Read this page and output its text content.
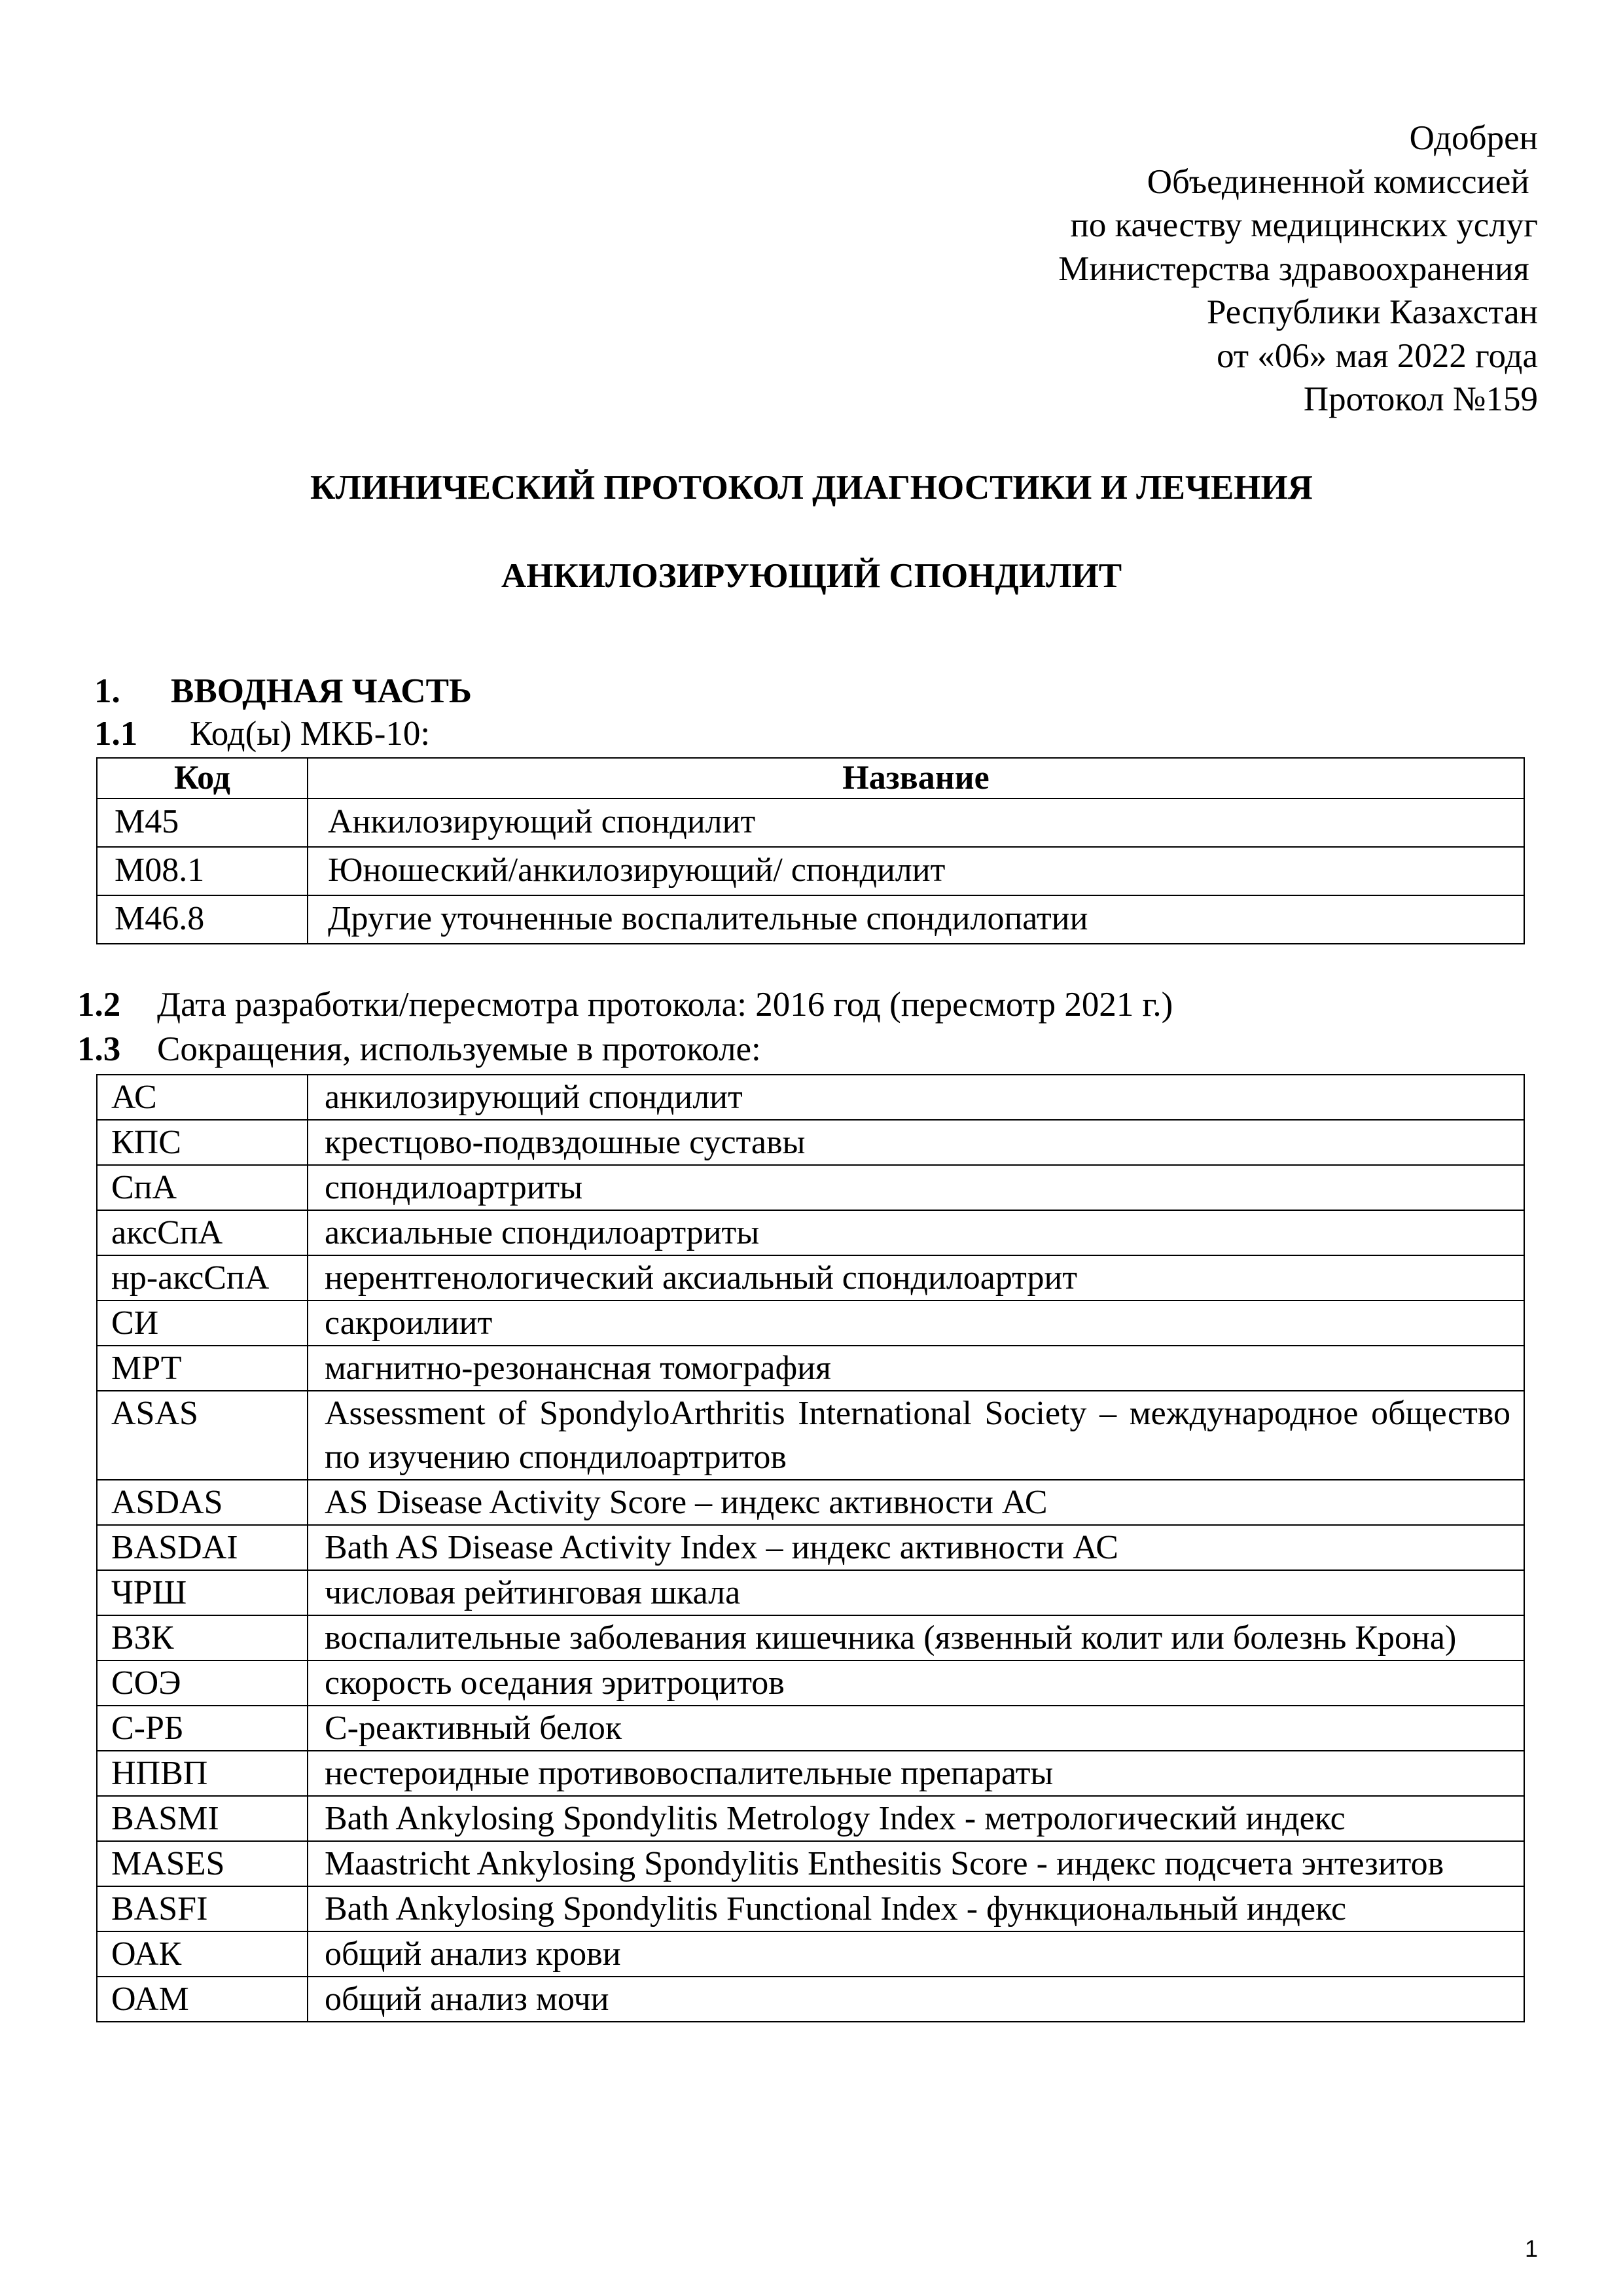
Одобрен
Объединенной комиссией
по качеству медицинских услуг
Министерства здравоохранения
Республики Казахстан
от «06» мая 2022 года
Протокол №159
КЛИНИЧЕСКИЙ ПРОТОКОЛ ДИАГНОСТИКИ И ЛЕЧЕНИЯ
АНКИЛОЗИРУЮЩИЙ СПОНДИЛИТ
1. ВВОДНАЯ ЧАСТЬ
1.1 Код(ы) МКБ-10:
Код	Название
M45	Анкилозирующий спондилит
M08.1	Юношеский/анкилозирующий/ спондилит
M46.8	Другие уточненные воспалительные спондилопатии
1.2 Дата разработки/пересмотра протокола: 2016 год (пересмотр 2021 г.)
1.3 Сокращения, используемые в протоколе:
АС	анкилозирующий спондилит
КПС	крестцово-подвздошные суставы
СпА	спондилоартриты
аксСпА	аксиальные спондилоартриты
нр-аксСпА	нерентгенологический аксиальный спондилоартрит
СИ	сакроилиит
МРТ	магнитно-резонансная томография
ASAS	Assessment of SpondyloArthritis International Society – международное общество по изучению спондилоартритов
ASDAS	AS Disease Activity Score – индекс активности АС
BASDAI	Bath AS Disease Activity Index – индекс активности АС
ЧРШ	числовая рейтинговая шкала
ВЗК	воспалительные заболевания кишечника (язвенный колит или болезнь Крона)
СОЭ	скорость оседания эритроцитов
С-РБ	С-реактивный белок
НПВП	нестероидные противовоспалительные препараты
BASMI	Bath Ankylosing Spondylitis Metrology Index - метрологический индекс
MASES	Maastricht Ankylosing Spondylitis Enthesitis Score - индекс подсчета энтезитов
BASFI	Bath Ankylosing Spondylitis Functional Index - функциональный индекс
ОАК	общий анализ крови
ОАМ	общий анализ мочи
1
